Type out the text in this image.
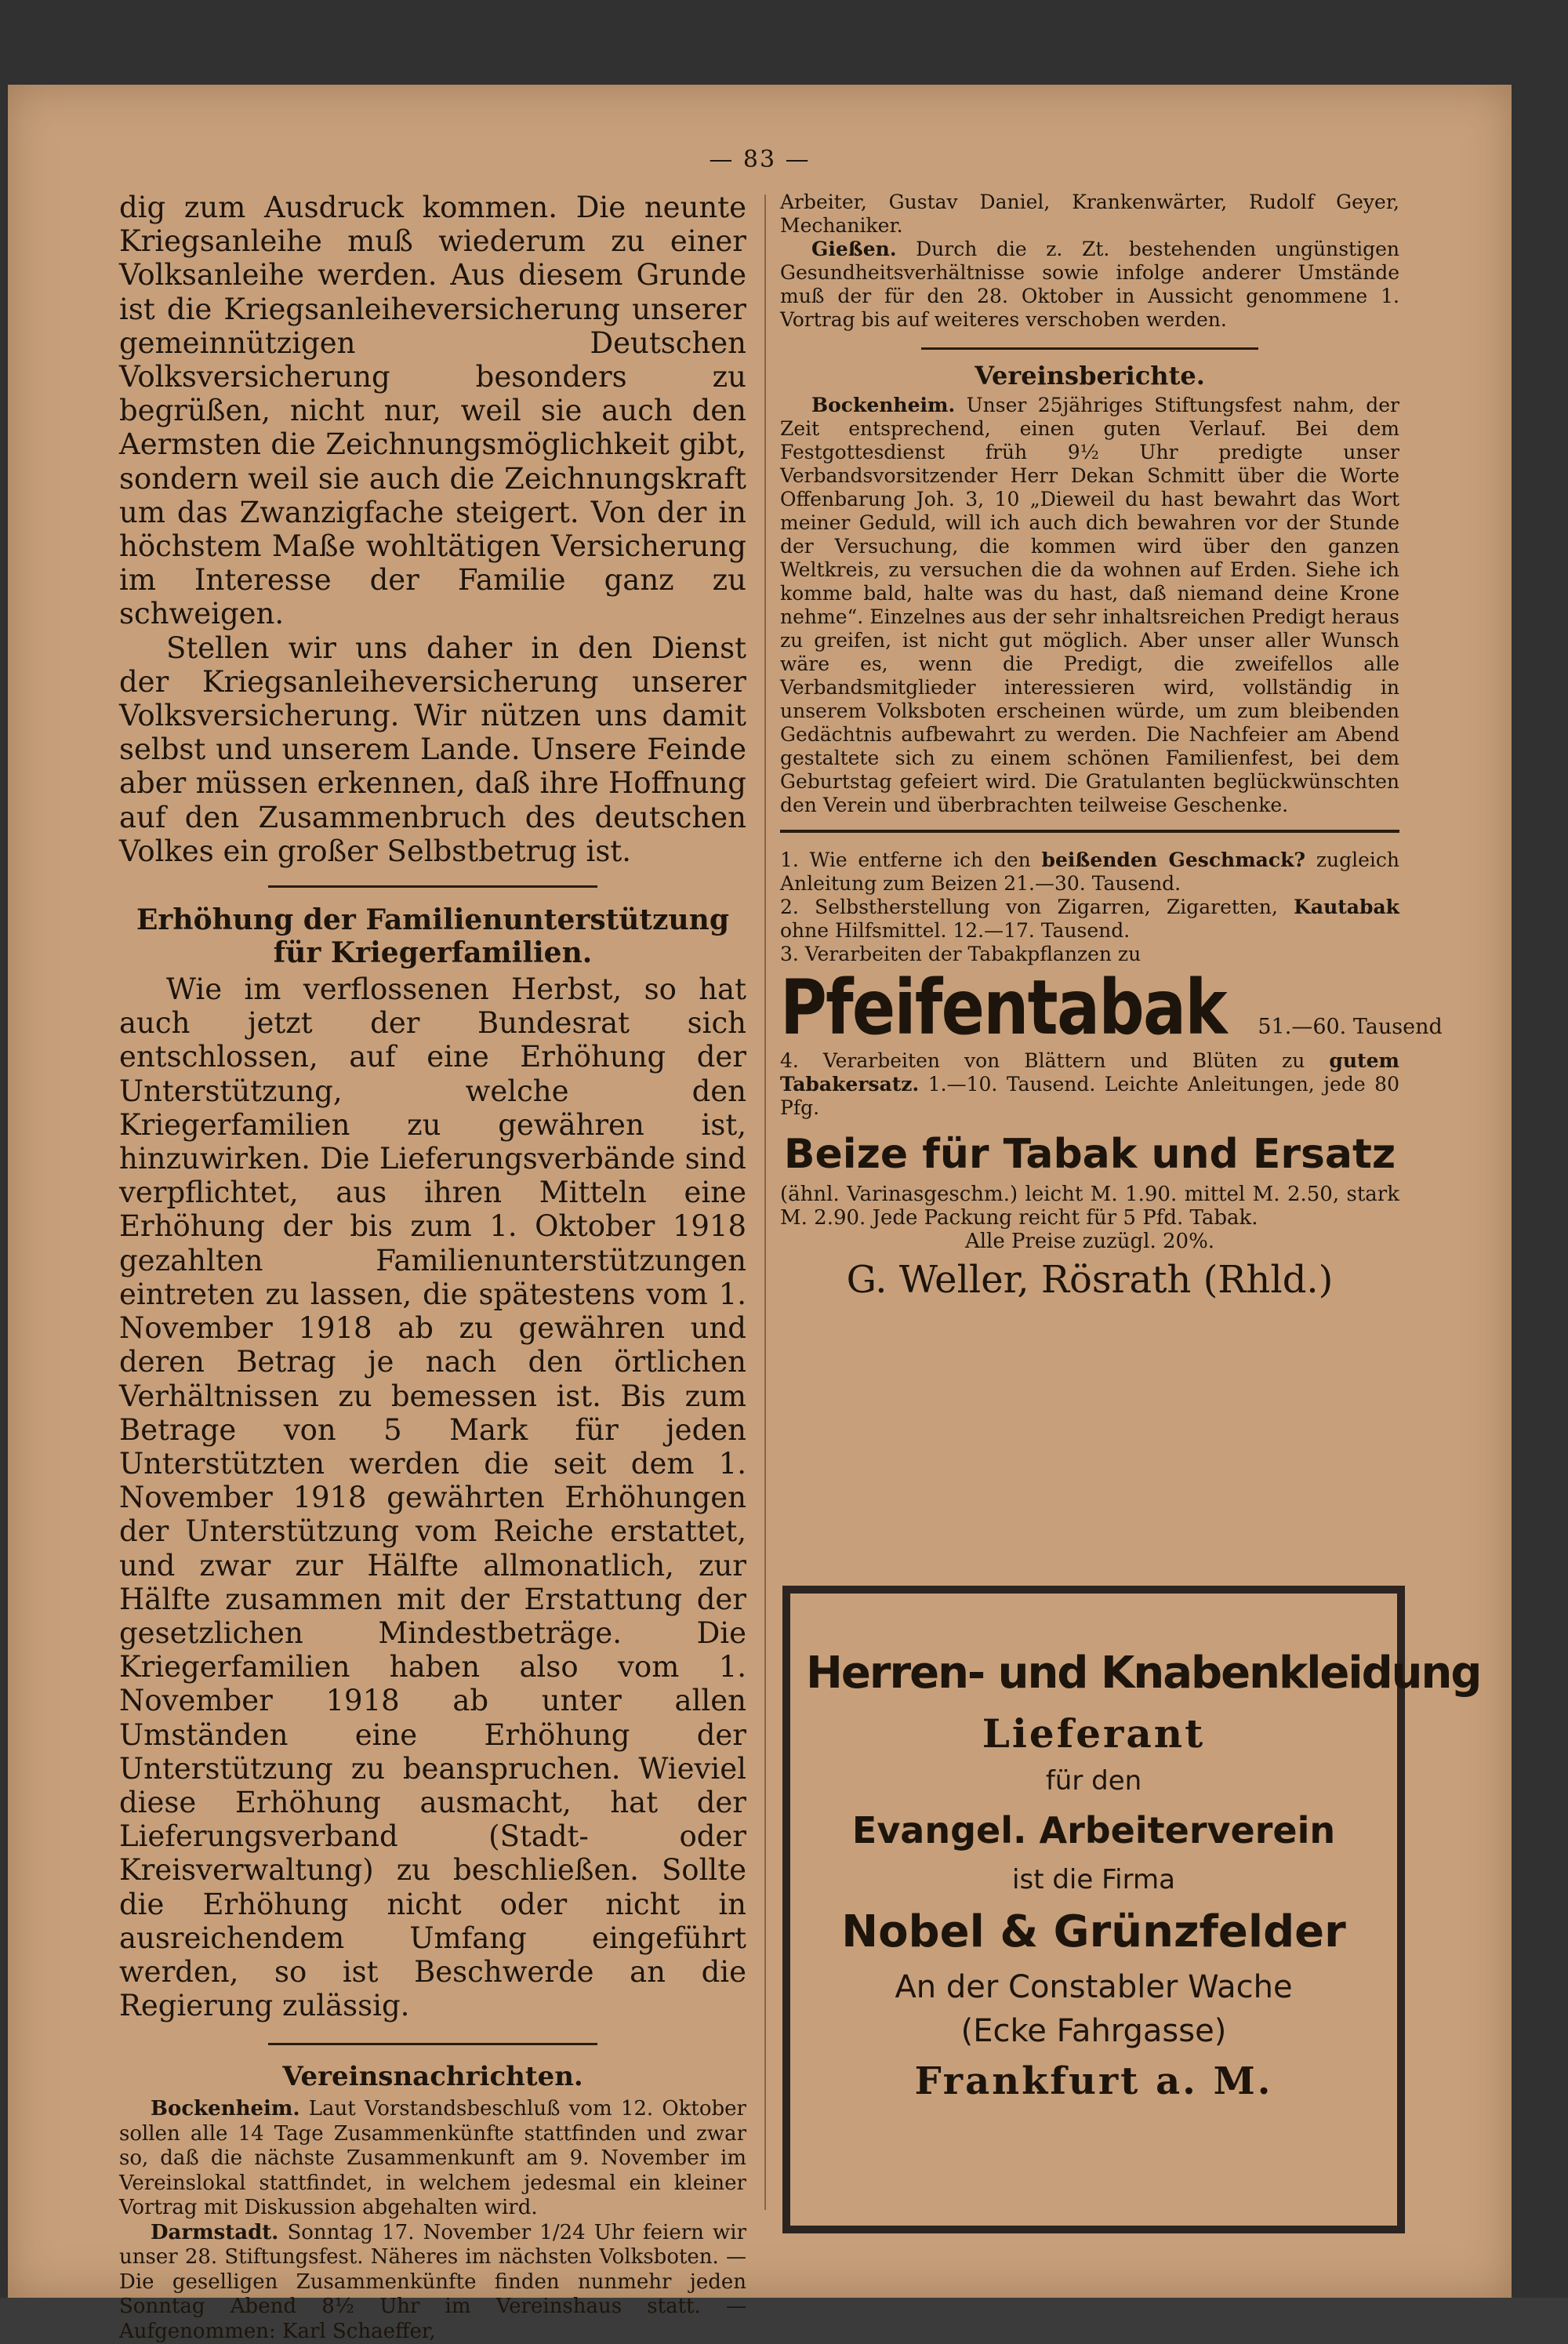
— 83 —

dig zum Ausdruck kommen. Die neunte Kriegsanleihe muß wiederum zu einer Volksanleihe werden. Aus diesem Grunde ist die Kriegsanleiheversicherung unserer gemeinnützigen Deutschen Volksversicherung besonders zu begrüßen, nicht nur, weil sie auch den Aermsten die Zeichnungsmöglichkeit gibt, sondern weil sie auch die Zeichnungskraft um das Zwanzigfache steigert. Von der in höchstem Maße wohltätigen Versicherung im Interesse der Familie ganz zu schweigen.

Stellen wir uns daher in den Dienst der Kriegsanleiheversicherung unserer Volksversicherung. Wir nützen uns damit selbst und unserem Lande. Unsere Feinde aber müssen erkennen, daß ihre Hoffnung auf den Zusammenbruch des deutschen Volkes ein großer Selbstbetrug ist.

Erhöhung der Familienunterstützung für Kriegerfamilien.

Wie im verflossenen Herbst, so hat auch jetzt der Bundesrat sich entschlossen, auf eine Erhöhung der Unterstützung, welche den Kriegerfamilien zu gewähren ist, hinzuwirken. Die Lieferungsverbände sind verpflichtet, aus ihren Mitteln eine Erhöhung der bis zum 1. Oktober 1918 gezahlten Familienunterstützungen eintreten zu lassen, die spätestens vom 1. November 1918 ab zu gewähren und deren Betrag je nach den örtlichen Verhältnissen zu bemessen ist. Bis zum Betrage von 5 Mark für jeden Unterstützten werden die seit dem 1. November 1918 gewährten Erhöhungen der Unterstützung vom Reiche erstattet, und zwar zur Hälfte allmonatlich, zur Hälfte zusammen mit der Erstattung der gesetzlichen Mindestbeträge. Die Kriegerfamilien haben also vom 1. November 1918 ab unter allen Umständen eine Erhöhung der Unterstützung zu beanspruchen. Wieviel diese Erhöhung ausmacht, hat der Lieferungsverband (Stadt- oder Kreisverwaltung) zu beschließen. Sollte die Erhöhung nicht oder nicht in ausreichendem Umfang eingeführt werden, so ist Beschwerde an die Regierung zulässig.

Vereinsnachrichten.

Bockenheim. Laut Vorstandsbeschluß vom 12. Oktober sollen alle 14 Tage Zusammenkünfte stattfinden und zwar so, daß die nächste Zusammenkunft am 9. November im Vereinslokal stattfindet, in welchem jedesmal ein kleiner Vortrag mit Diskussion abgehalten wird.

Darmstadt. Sonntag 17. November 1/24 Uhr feiern wir unser 28. Stiftungsfest. Näheres im nächsten Volksboten. — Die geselligen Zusammenkünfte finden nunmehr jeden Sonntag Abend 8½ Uhr im Vereinshaus statt. — Aufgenommen: Karl Schaeffer,

Arbeiter, Gustav Daniel, Krankenwärter, Rudolf Geyer, Mechaniker.

Gießen. Durch die z. Zt. bestehenden ungünstigen Gesundheitsverhältnisse sowie infolge anderer Umstände muß der für den 28. Oktober in Aussicht genommene 1. Vortrag bis auf weiteres verschoben werden.

Vereinsberichte.

Bockenheim. Unser 25jähriges Stiftungsfest nahm, der Zeit entsprechend, einen guten Verlauf. Bei dem Festgottesdienst früh 9½ Uhr predigte unser Verbandsvorsitzender Herr Dekan Schmitt über die Worte Offenbarung Joh. 3, 10 „Dieweil du hast bewahrt das Wort meiner Geduld, will ich auch dich bewahren vor der Stunde der Versuchung, die kommen wird über den ganzen Weltkreis, zu versuchen die da wohnen auf Erden. Siehe ich komme bald, halte was du hast, daß niemand deine Krone nehme“. Einzelnes aus der sehr inhaltsreichen Predigt heraus zu greifen, ist nicht gut möglich. Aber unser aller Wunsch wäre es, wenn die Predigt, die zweifellos alle Verbandsmitglieder interessieren wird, vollständig in unserem Volksboten erscheinen würde, um zum bleibenden Gedächtnis aufbewahrt zu werden. Die Nachfeier am Abend gestaltete sich zu einem schönen Familienfest, bei dem Geburtstag gefeiert wird. Die Gratulanten beglückwünschten den Verein und überbrachten teilweise Geschenke.

1. Wie entferne ich den beißenden Geschmack? zugleich Anleitung zum Beizen 21.—30. Tausend.

2. Selbstherstellung von Zigarren, Zigaretten, Kautabak ohne Hilfsmittel. 12.—17. Tausend.

3. Verarbeiten der Tabakpflanzen zu

Pfeifentabak 51.—60. Tausend

4. Verarbeiten von Blättern und Blüten zu gutem Tabakersatz. 1.—10. Tausend. Leichte Anleitungen, jede 80 Pfg.

Beize für Tabak und Ersatz

(ähnl. Varinasgeschm.) leicht M. 1.90. mittel M. 2.50, stark M. 2.90. Jede Packung reicht für 5 Pfd. Tabak.

Alle Preise zuzügl. 20%.

G. Weller, Rösrath (Rhld.)

Herren- und Knabenkleidung

Lieferant

für den

Evangel. Arbeiterverein

ist die Firma

Nobel & Grünzfelder

An der Constabler Wache

(Ecke Fahrgasse)

Frankfurt a. M.
